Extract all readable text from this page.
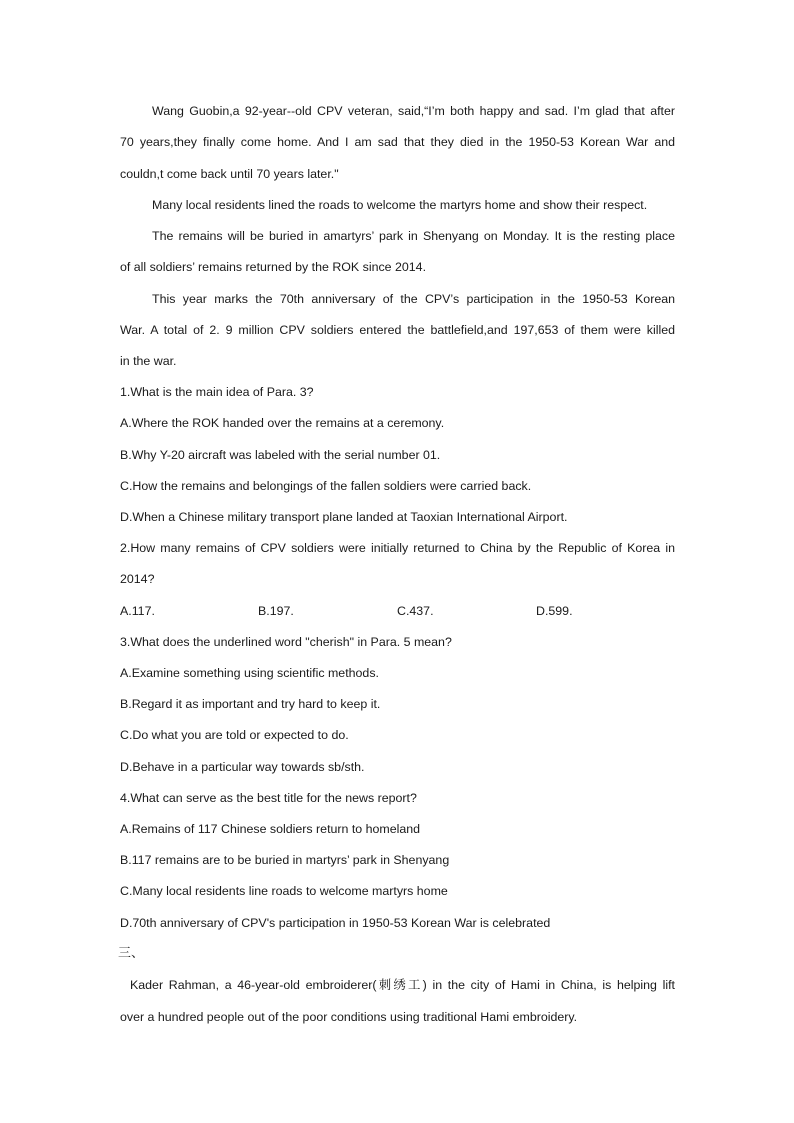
Wang Guobin,a 92-year--old CPV veteran, said,“I’m both happy and sad. I’m glad that after
70 years,they finally come home. And I am sad that they died in the 1950-53 Korean War and
couldn,t come back until 70 years later."
Many local residents lined the roads to welcome the martyrs home and show their respect.
The remains will be buried in amartyrs’ park in Shenyang on Monday. It is the resting place
of all soldiers’ remains returned by the ROK since 2014.
This year marks the 70th anniversary of the CPV’s participation in the 1950-53 Korean
War. A total of 2. 9 million CPV soldiers entered the battlefield,and 197,653 of them were killed
in the war.
1.What is the main idea of Para. 3?
A.Where the ROK handed over the remains at a ceremony.
B.Why Y-20 aircraft was labeled with the serial number 01.
C.How the remains and belongings of the fallen soldiers were carried back.
D.When a Chinese military transport plane landed at Taoxian International Airport.
2.How many remains of CPV soldiers were initially returned to China by the Republic of Korea in
2014?
A.117.	B.197.	C.437.	D.599.
3.What does the underlined word "cherish" in Para. 5 mean?
A.Examine something using scientific methods.
B.Regard it as important and try hard to keep it.
C.Do what you are told or expected to do.
D.Behave in a particular way towards sb/sth.
4.What can serve as the best title for the news report?
A.Remains of 117 Chinese soldiers return to homeland
B.117 remains are to be buried in martyrs’ park in Shenyang
C.Many local residents line roads to welcome martyrs home
D.70th anniversary of CPV's participation in 1950-53 Korean War is celebrated
三、
Kader Rahman, a 46-year-old embroiderer(刺绣工) in the city of Hami in China, is helping lift
over a hundred people out of the poor conditions using traditional Hami embroidery.
